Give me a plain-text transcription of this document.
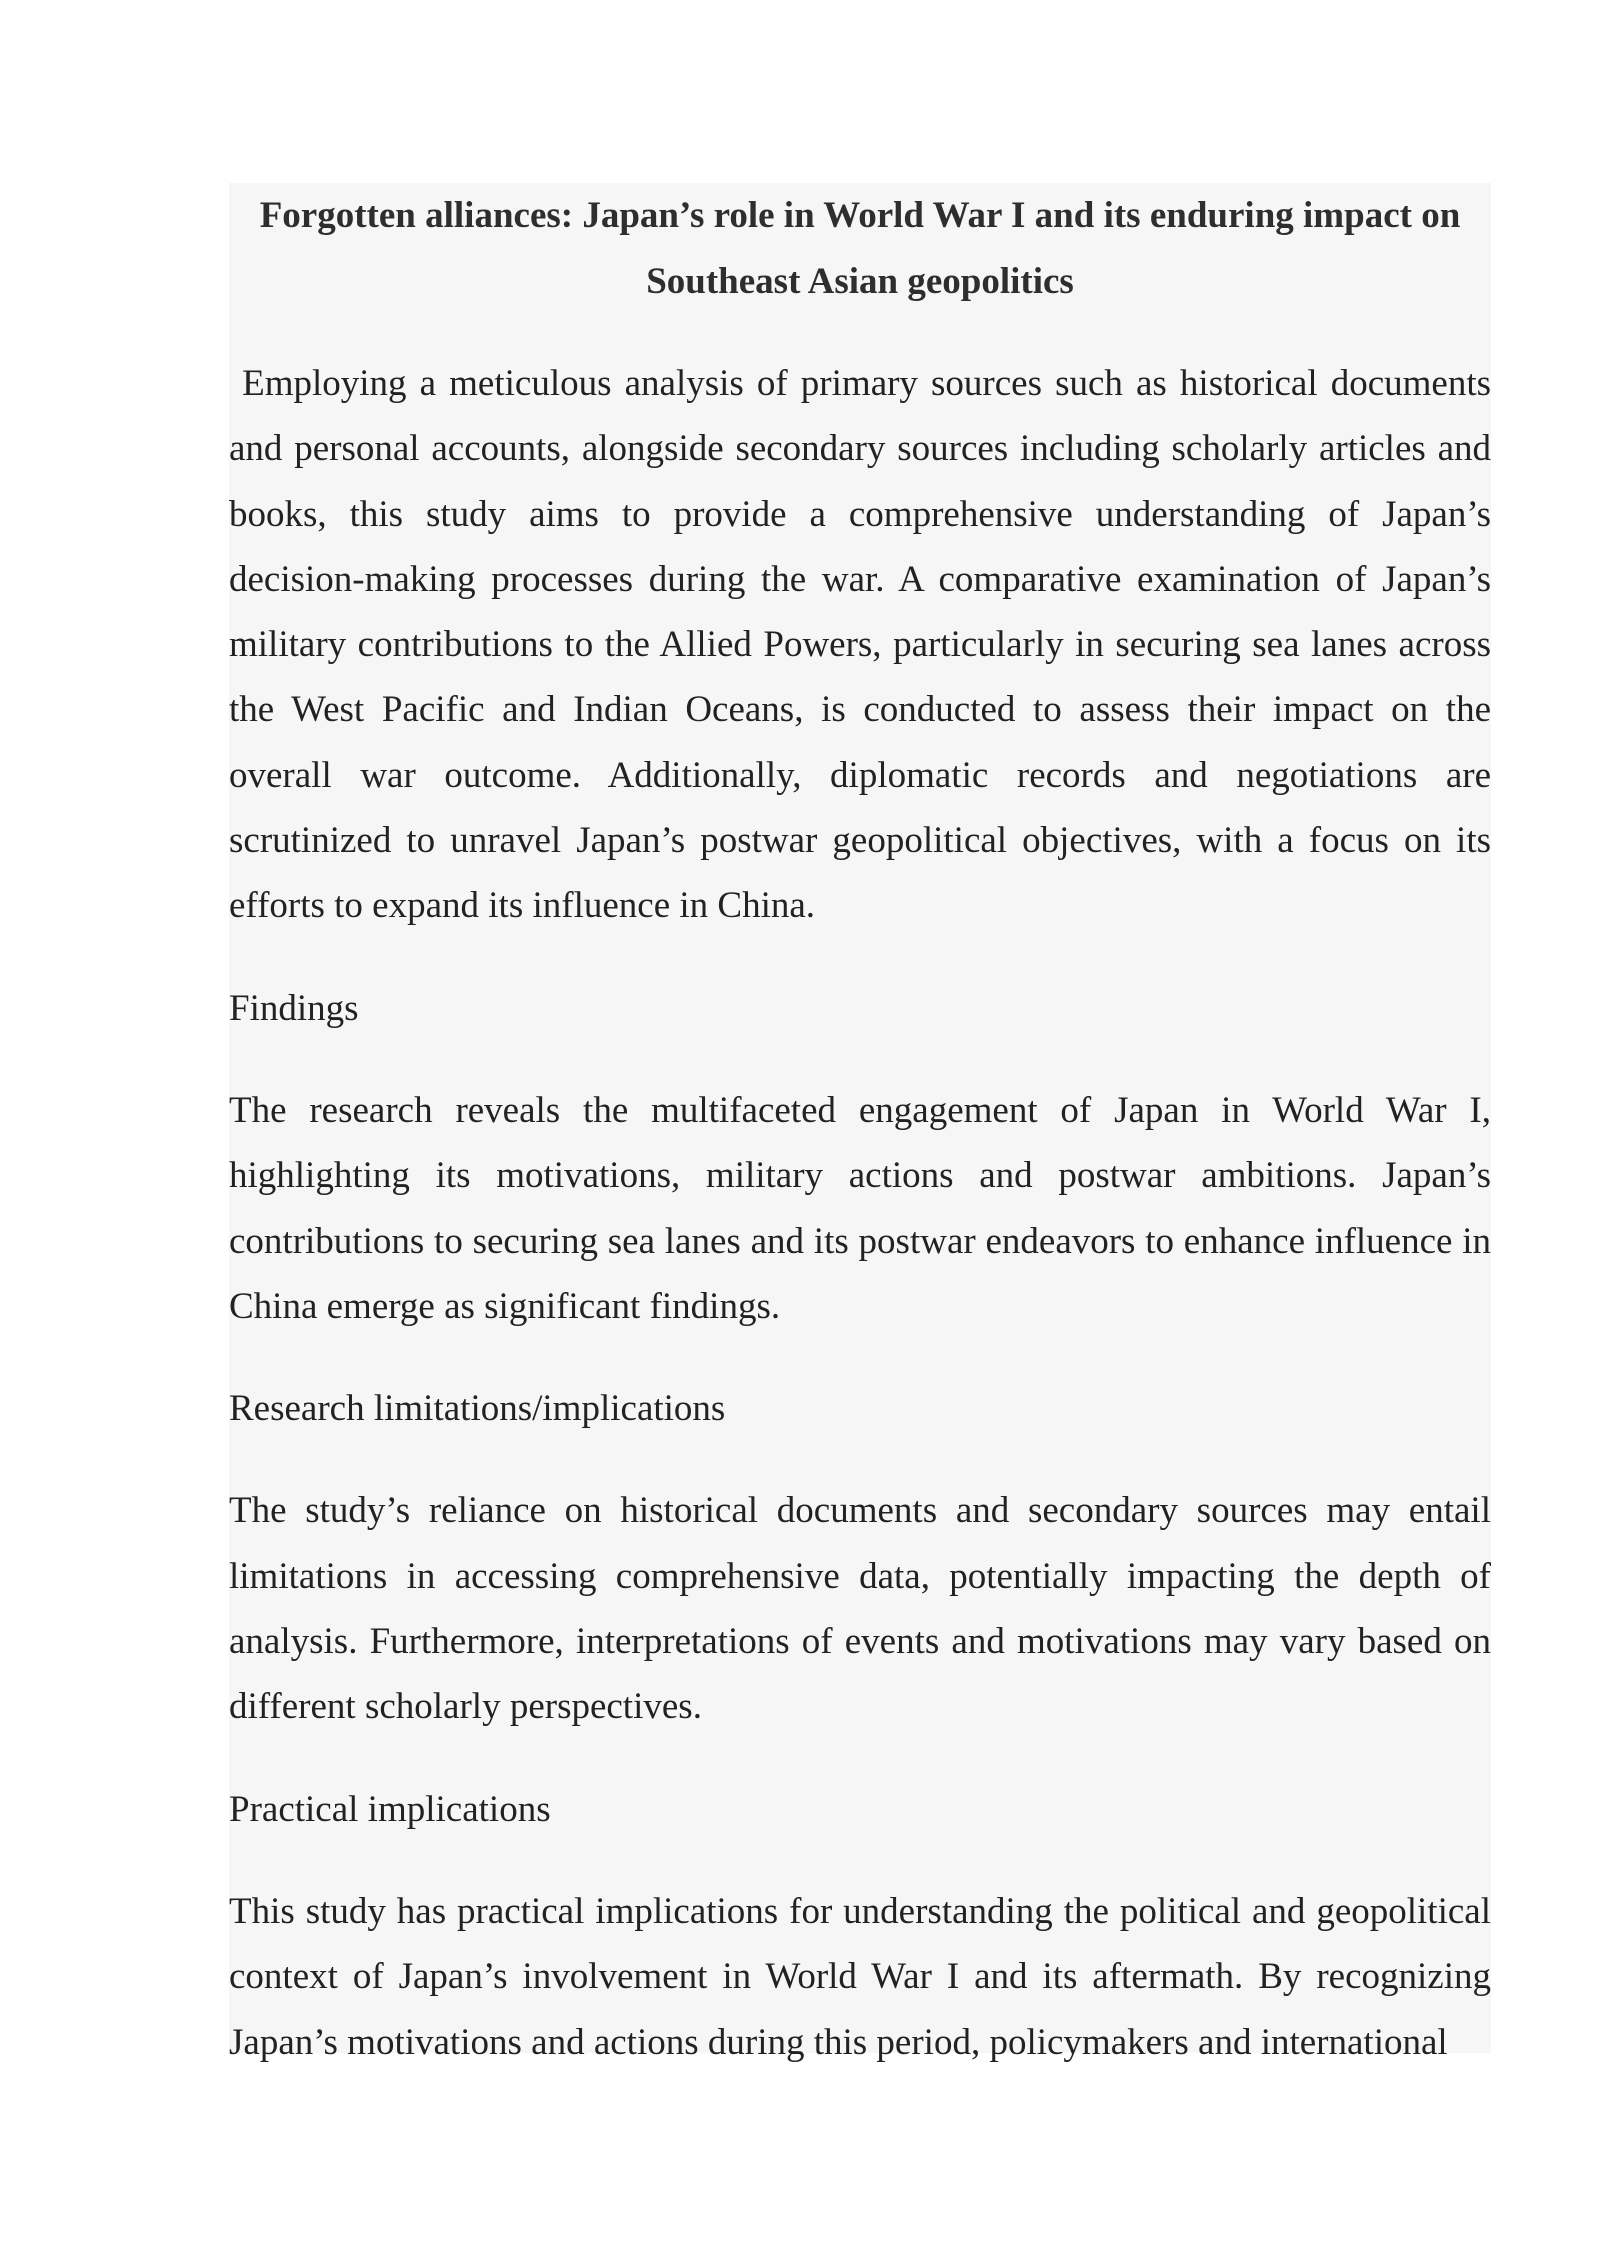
Forgotten alliances: Japan’s role in World War I and its enduring impact on Southeast Asian geopolitics

Employing a meticulous analysis of primary sources such as historical documents and personal accounts, alongside secondary sources including scholarly articles and books, this study aims to provide a comprehensive understanding of Japan’s decision-making processes during the war. A comparative examination of Japan’s military contributions to the Allied Powers, particularly in securing sea lanes across the West Pacific and Indian Oceans, is conducted to assess their impact on the overall war outcome. Additionally, diplomatic records and negotiations are scrutinized to unravel Japan’s postwar geopolitical objectives, with a focus on its efforts to expand its influence in China.

Findings

The research reveals the multifaceted engagement of Japan in World War I, highlighting its motivations, military actions and postwar ambitions. Japan’s contributions to securing sea lanes and its postwar endeavors to enhance influence in China emerge as significant findings.

Research limitations/implications

The study’s reliance on historical documents and secondary sources may entail limitations in accessing comprehensive data, potentially impacting the depth of analysis. Furthermore, interpretations of events and motivations may vary based on different scholarly perspectives.

Practical implications

This study has practical implications for understanding the political and geopolitical context of Japan’s involvement in World War I and its aftermath. By recognizing Japan’s motivations and actions during this period, policymakers and international
